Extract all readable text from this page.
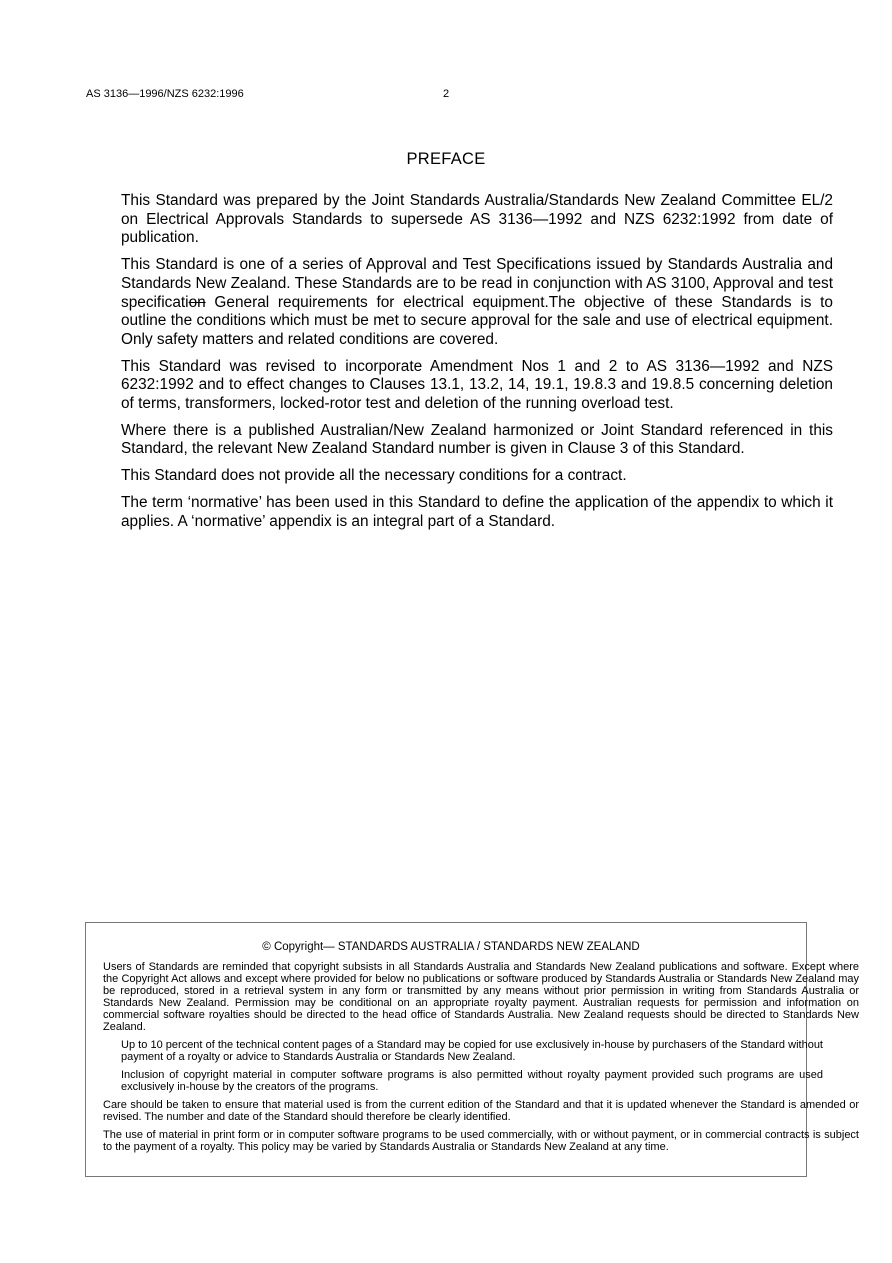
AS 3136—1996/NZS 6232:1996	2
PREFACE

This Standard was prepared by the Joint Standards Australia/Standards New Zealand Committee EL/2 on Electrical Approvals Standards to supersede AS 3136—1992 and NZS 6232:1992 from date of publication.

This Standard is one of a series of Approval and Test Specifications issued by Standards Australia and Standards New Zealand. These Standards are to be read in conjunction with AS 3100, Approval and test specification General requirements for electrical equipment.The objective of these Standards is to outline the conditions which must be met to secure approval for the sale and use of electrical equipment. Only safety matters and related conditions are covered.

This Standard was revised to incorporate Amendment Nos 1 and 2 to AS 3136—1992 and NZS 6232:1992 and to effect changes to Clauses 13.1, 13.2, 14, 19.1, 19.8.3 and 19.8.5 concerning deletion of terms, transformers, locked-rotor test and deletion of the running overload test.

Where there is a published Australian/New Zealand harmonized or Joint Standard referenced in this Standard, the relevant New Zealand Standard number is given in Clause 3 of this Standard.

This Standard does not provide all the necessary conditions for a contract.

The term ‘normative’ has been used in this Standard to define the application of the appendix to which it applies. A ‘normative’ appendix is an integral part of a Standard.

© Copyright— STANDARDS AUSTRALIA / STANDARDS NEW ZEALAND

Users of Standards are reminded that copyright subsists in all Standards Australia and Standards New Zealand publications and software. Except where the Copyright Act allows and except where provided for below no publications or software produced by Standards Australia or Standards New Zealand may be reproduced, stored in a retrieval system in any form or transmitted by any means without prior permission in writing from Standards Australia or Standards New Zealand. Permission may be conditional on an appropriate royalty payment. Australian requests for permission and information on commercial software royalties should be directed to the head office of Standards Australia. New Zealand requests should be directed to Standards New Zealand.

Up to 10 percent of the technical content pages of a Standard may be copied for use exclusively in-house by purchasers of the Standard without payment of a royalty or advice to Standards Australia or Standards New Zealand.

Inclusion of copyright material in computer software programs is also permitted without royalty payment provided such programs are used exclusively in-house by the creators of the programs.

Care should be taken to ensure that material used is from the current edition of the Standard and that it is updated whenever the Standard is amended or revised. The number and date of the Standard should therefore be clearly identified.

The use of material in print form or in computer software programs to be used commercially, with or without payment, or in commercial contracts is subject to the payment of a royalty. This policy may be varied by Standards Australia or Standards New Zealand at any time.
